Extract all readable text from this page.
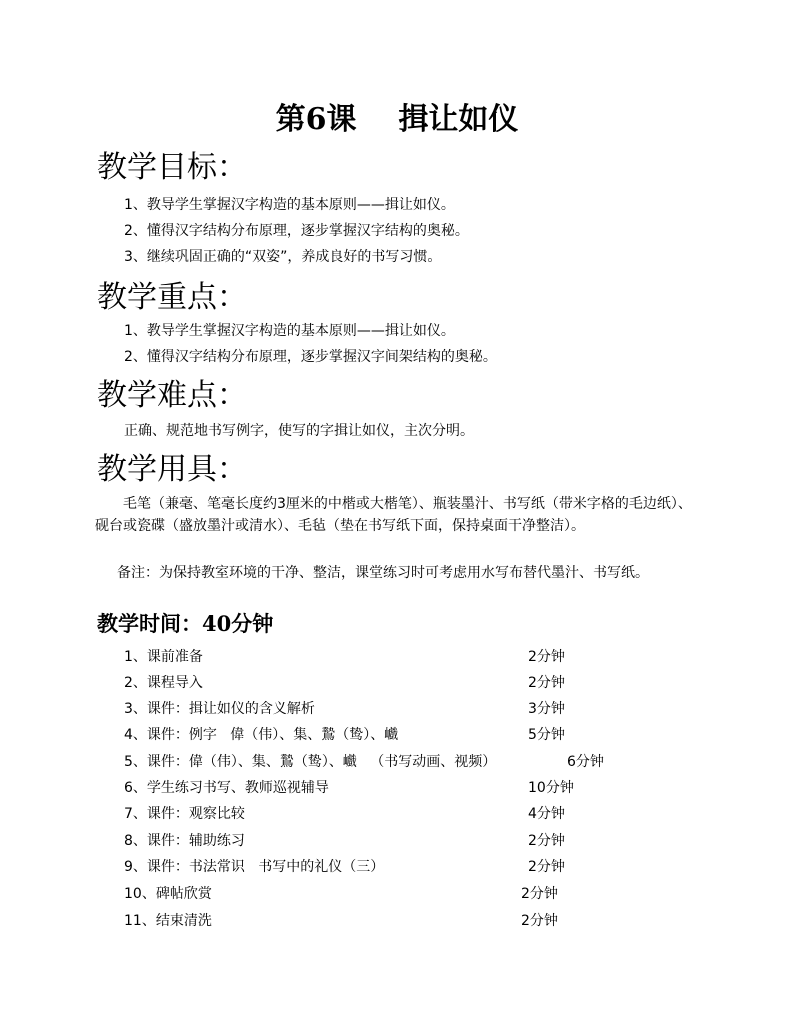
第6课    揖让如仪
教学目标：
1、教导学生掌握汉字构造的基本原则——揖让如仪。
2、懂得汉字结构分布原理，逐步掌握汉字结构的奥秘。
3、继续巩固正确的“双姿”，养成良好的书写习惯。
教学重点：
1、教导学生掌握汉字构造的基本原则——揖让如仪。
2、懂得汉字结构分布原理，逐步掌握汉字间架结构的奥秘。
教学难点：
正确、规范地书写例字，使写的字揖让如仪，主次分明。
教学用具：
毛笔（兼毫、笔毫长度约3厘米的中楷或大楷笔）、瓶装墨汁、书写纸（带米字格的毛边纸）、砚台或瓷碟（盛放墨汁或清水）、毛毡（垫在书写纸下面，保持桌面干净整洁）。
备注：为保持教室环境的干净、整洁，课堂练习时可考虑用水写布替代墨汁、书写纸。
教学时间：40分钟
1、课前准备	2分钟
2、课程导入	2分钟
3、课件：揖让如仪的含义解析	3分钟
4、课件：例字   偉（伟）、集、鷙（鸷）、巇	5分钟
5、课件：偉（伟）、集、鷙（鸷）、巇   （书写动画、视频）	6分钟
6、学生练习书写、教师巡视辅导	10分钟
7、课件：观察比较	4分钟
8、课件：辅助练习	2分钟
9、课件：书法常识   书写中的礼仪（三）	2分钟
10、碑帖欣赏	2分钟
11、结束清洗	2分钟
